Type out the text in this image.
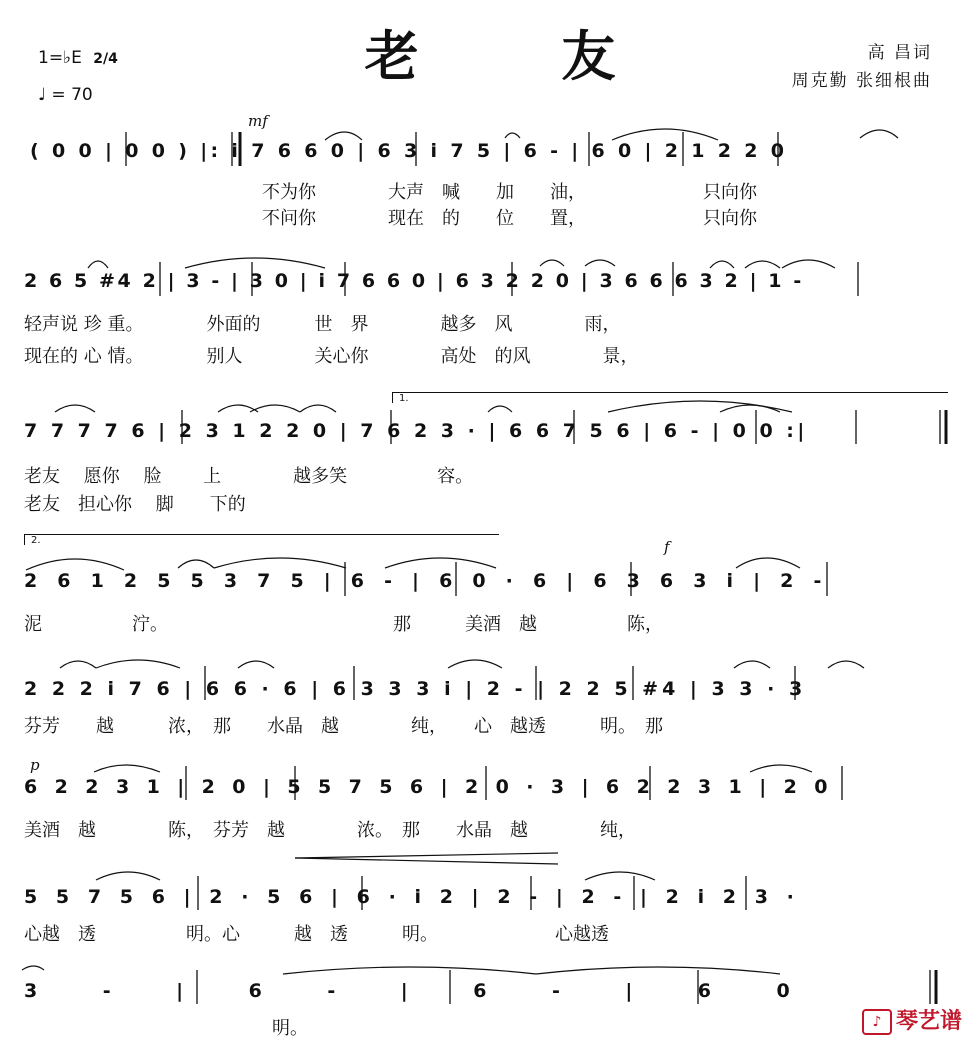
老 友	高 昌词
周克勤 张细根曲
1=♭E 2/4
♩ = 70
mf
( 0 0 | 0 0 ) |: i 7 6 6 0 | 6 3 i 7 5 | 6 - | 6 0 | 2 1 2 2 0
不为你　　　　大声　喊　　加　　油，　　　　　　　只向你
不问你　　　　现在　的　　位　　置，　　　　　　　只向你
2 6 5 #4 2 | 3 - | 3 0 | i 7 6 6 0 | 6 3 2 2 0 | 3 6 6 6 3 2 | 1 -
轻声说 珍 重。　　　　外面的　　　世　界　　　　越多　风　　　　雨，
现在的 心 情。　　　　别人　　　　关心你　　　　高处　的风　　　　景，
1.
7 7 7 7 6 | 2 3 1 2 2 0 | 7 6 2 3 · | 6 6 7 5 6 | 6 - | 0 0 :|
老友　 愿你　 脸　　 上　　　　越多笑　　　　　容。
老友　担心你　 脚　　下的
2.	f
2 6 1 2 5 5 3 7 5 | 6 - | 6 0 · 6 | 6 3 6 3 i | 2 -
泥　　　　　泞。　　　　　　　　　　　　　那　　　美酒　越　　　　　陈，
2 2 2 i 7 6 | 6 6 · 6 | 6 3 3 3 i | 2 - | 2 2 5 #4 | 3 3 · 3
芬芳　　越　　　浓，　那　　水晶　越　　　　纯，　　心　越透　　　明。　那
p
6 2 2 3 1 | 2 0 | 5 5 7 5 6 | 2 0 · 3 | 6 2 2 3 1 | 2 0
美酒　越　　　　陈，　芬芳　越　　　　浓。　那　　水晶　越　　　　纯，
5 5 7 5 6 | 2 · 5 6 | 6 · i 2 | 2 - | 2 - | 2 i 2 3 ·
心越　透　　　　　明。心　　　越　透　　　明。　　　　　　　心越透
3 - | 6 - | 6 - | 6 0
明。	♪ 琴艺谱
